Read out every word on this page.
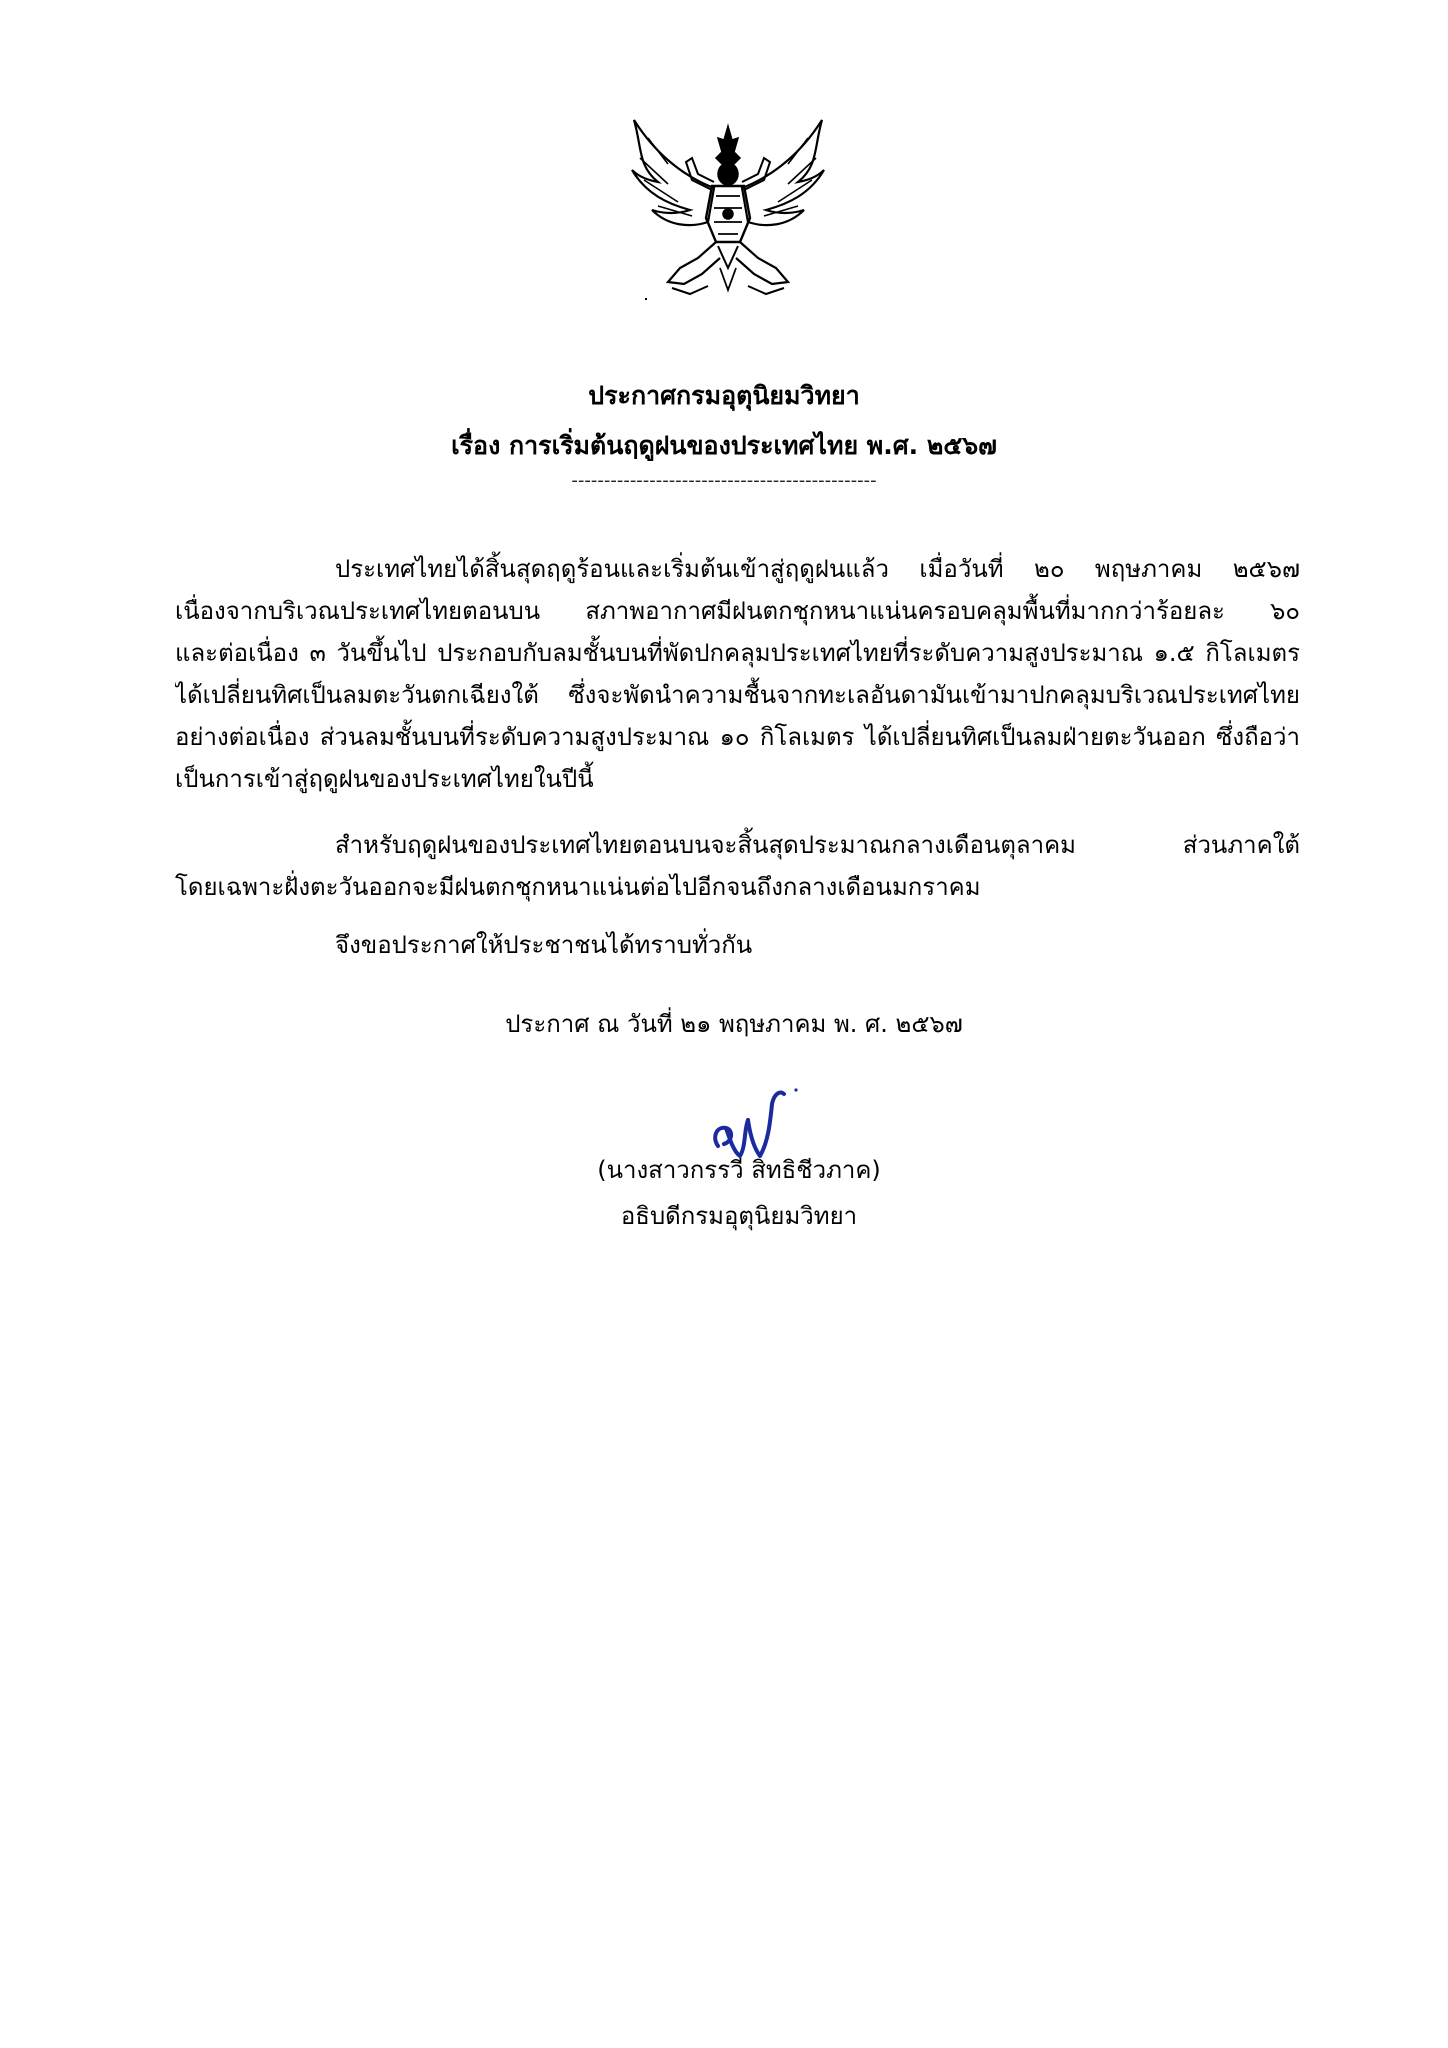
ประกาศกรมอุตุนิยมวิทยา
เรื่อง การเริ่มต้นฤดูฝนของประเทศไทย พ.ศ. ๒๕๖๗
-----------------------------------------------
ประเทศไทยได้สิ้นสุดฤดูร้อนและเริ่มต้นเข้าสู่ฤดูฝนแล้ว เมื่อวันที่ ๒๐ พฤษภาคม ๒๕๖๗
เนื่องจากบริเวณประเทศไทยตอนบน สภาพอากาศมีฝนตกชุกหนาแน่นครอบคลุมพื้นที่มากกว่าร้อยละ ๖๐
และต่อเนื่อง ๓ วันขึ้นไป ประกอบกับลมชั้นบนที่พัดปกคลุมประเทศไทยที่ระดับความสูงประมาณ ๑.๕ กิโลเมตร
ได้เปลี่ยนทิศเป็นลมตะวันตกเฉียงใต้ ซึ่งจะพัดนำความชื้นจากทะเลอันดามันเข้ามาปกคลุมบริเวณประเทศไทย
อย่างต่อเนื่อง ส่วนลมชั้นบนที่ระดับความสูงประมาณ ๑๐ กิโลเมตร ได้เปลี่ยนทิศเป็นลมฝ่ายตะวันออก ซึ่งถือว่า
เป็นการเข้าสู่ฤดูฝนของประเทศไทยในปีนี้
สำหรับฤดูฝนของประเทศไทยตอนบนจะสิ้นสุดประมาณกลางเดือนตุลาคม ส่วนภาคใต้
โดยเฉพาะฝั่งตะวันออกจะมีฝนตกชุกหนาแน่นต่อไปอีกจนถึงกลางเดือนมกราคม
จึงขอประกาศให้ประชาชนได้ทราบทั่วกัน
ประกาศ ณ วันที่ ๒๑ พฤษภาคม พ. ศ. ๒๕๖๗
(นางสาวกรรวี สิทธิชีวภาค)
อธิบดีกรมอุตุนิยมวิทยา
